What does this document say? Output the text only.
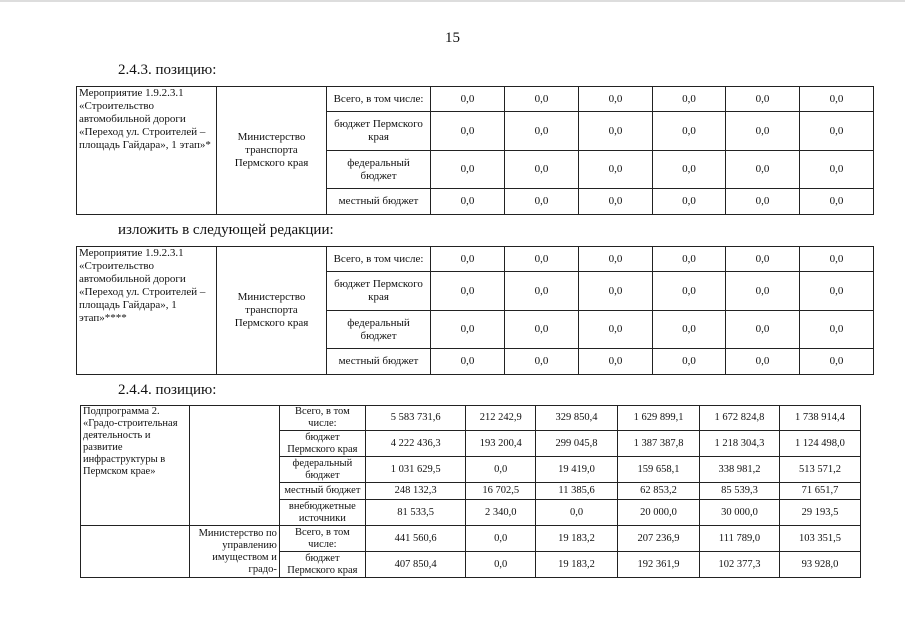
15
2.4.3. позицию:
Мероприятие 1.9.2.3.1 «Строительство автомобильной дороги «Переход ул. Строителей – площадь Гайдара», 1 этап»*	Министерство транспорта Пермского края	Всего, в том числе:	0,0	0,0	0,0	0,0	0,0	0,0
		бюджет Пермского края	0,0	0,0	0,0	0,0	0,0	0,0
		федеральный бюджет	0,0	0,0	0,0	0,0	0,0	0,0
		местный бюджет	0,0	0,0	0,0	0,0	0,0	0,0
изложить в следующей редакции:
Мероприятие 1.9.2.3.1 «Строительство автомобильной дороги «Переход ул. Строителей – площадь Гайдара», 1 этап»****	Министерство транспорта Пермского края	Всего, в том числе:	0,0	0,0	0,0	0,0	0,0	0,0
		бюджет Пермского края	0,0	0,0	0,0	0,0	0,0	0,0
		федеральный бюджет	0,0	0,0	0,0	0,0	0,0	0,0
		местный бюджет	0,0	0,0	0,0	0,0	0,0	0,0
2.4.4. позицию:
Подпрограмма 2. «Градо-строительная деятельность и развитие инфраструктуры в Пермском крае»		Всего, в том числе:	5 583 731,6	212 242,9	329 850,4	1 629 899,1	1 672 824,8	1 738 914,4
		бюджет Пермского края	4 222 436,3	193 200,4	299 045,8	1 387 387,8	1 218 304,3	1 124 498,0
		федеральный бюджет	1 031 629,5	0,0	19 419,0	159 658,1	338 981,2	513 571,2
		местный бюджет	248 132,3	16 702,5	11 385,6	62 853,2	85 539,3	71 651,7
		внебюджетные источники	81 533,5	2 340,0	0,0	20 000,0	30 000,0	29 193,5
	Министерство по управлению имуществом и градо-	Всего, в том числе:	441 560,6	0,0	19 183,2	207 236,9	111 789,0	103 351,5
		бюджет Пермского края	407 850,4	0,0	19 183,2	192 361,9	102 377,3	93 928,0
